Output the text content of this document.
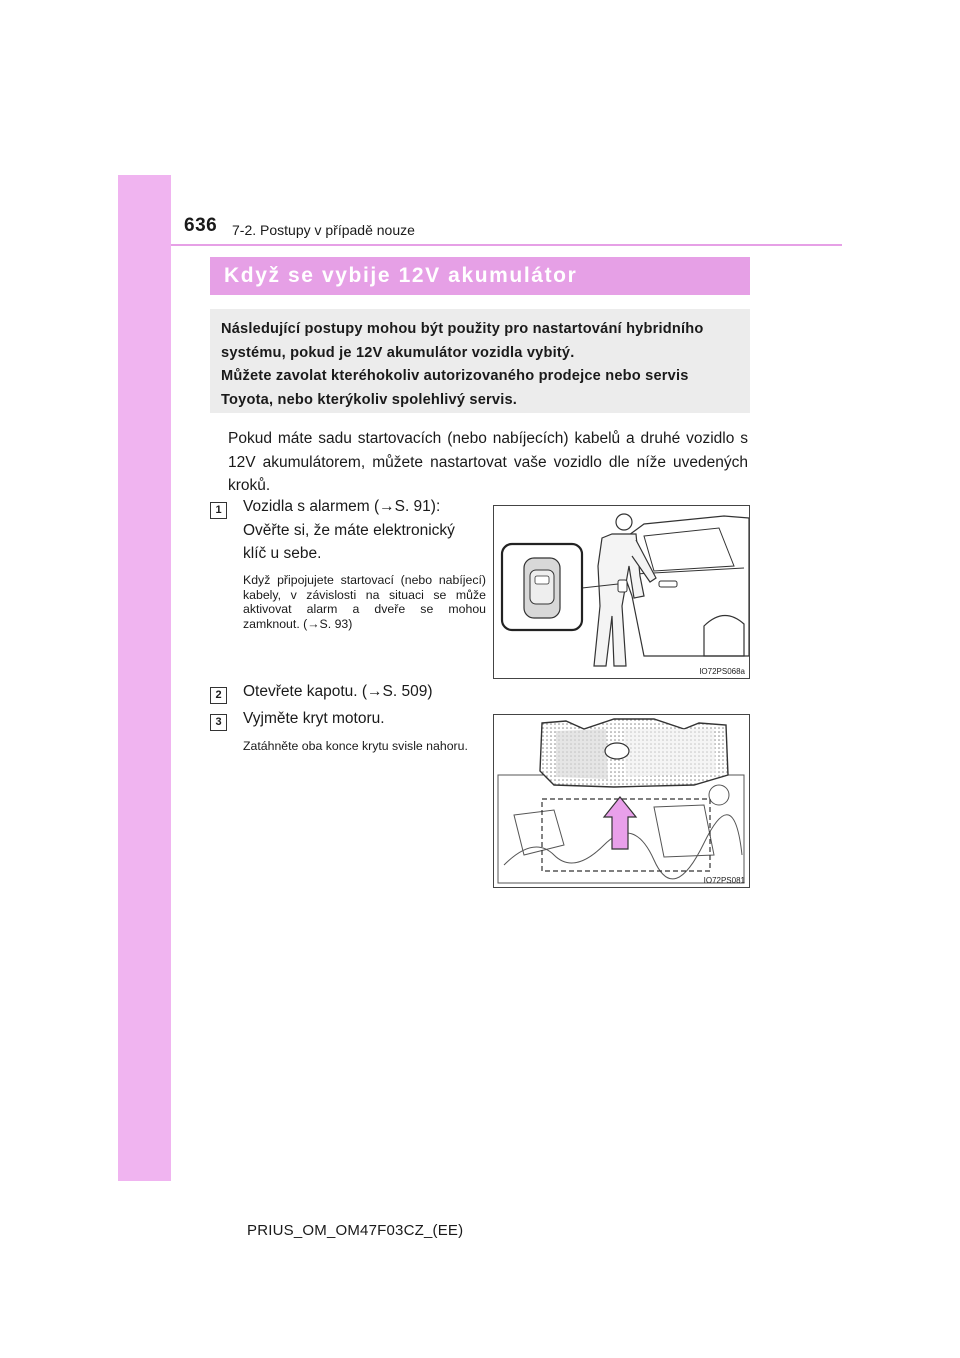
636 7-2. Postupy v případě nouze
Když se vybije 12V akumulátor
Následující postupy mohou být použity pro nastartování hybridního
systému, pokud je 12V akumulátor vozidla vybitý.
Můžete zavolat kteréhokoliv autorizovaného prodejce nebo servis
Toyota, nebo kterýkoliv spolehlivý servis.
Pokud máte sadu startovacích (nebo nabíjecích) kabelů a druhé vozidlo s 12V akumulátorem, můžete nastartovat vaše vozidlo dle níže uvedených kroků.
1	Vozidla s alarmem (→S. 91):
Ověřte si, že máte elektronický
klíč u sebe.
Když připojujete startovací (nebo nabíjecí) kabely, v závislosti na situaci se může aktivovat alarm a dveře se mohou zamknout. (→S. 93)
IO72PS068a
2	Otevřete kapotu. (→S. 509)
3	Vyjměte kryt motoru.
Zatáhněte oba konce krytu svisle nahoru.
IO72PS081
PRIUS_OM_OM47F03CZ_(EE)
